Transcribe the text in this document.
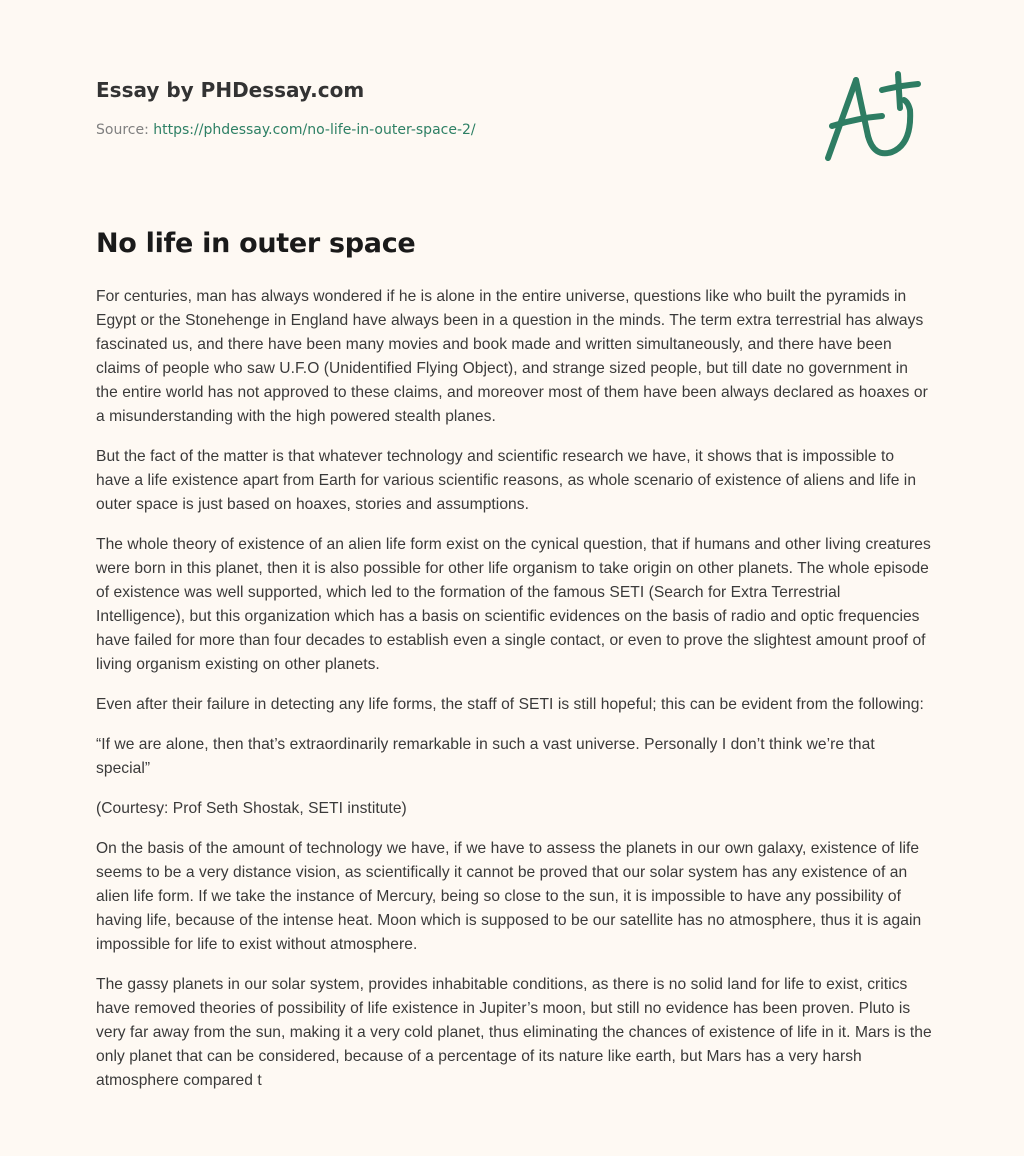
Essay by PHDessay.com
Source: https://phdessay.com/no-life-in-outer-space-2/
No life in outer space

For centuries, man has always wondered if he is alone in the entire universe, questions like who built the pyramids in Egypt or the Stonehenge in England have always been in a question in the minds. The term extra terrestrial has always fascinated us, and there have been many movies and book made and written simultaneously, and there have been claims of people who saw U.F.O (Unidentified Flying Object), and strange sized people, but till date no government in the entire world has not approved to these claims, and moreover most of them have been always declared as hoaxes or a misunderstanding with the high powered stealth planes.

But the fact of the matter is that whatever technology and scientific research we have, it shows that is impossible to have a life existence apart from Earth for various scientific reasons, as whole scenario of existence of aliens and life in outer space is just based on hoaxes, stories and assumptions.

The whole theory of existence of an alien life form exist on the cynical question, that if humans and other living creatures were born in this planet, then it is also possible for other life organism to take origin on other planets. The whole episode of existence was well supported, which led to the formation of the famous SETI (Search for Extra Terrestrial Intelligence), but this organization which has a basis on scientific evidences on the basis of radio and optic frequencies have failed for more than four decades to establish even a single contact, or even to prove the slightest amount proof of living organism existing on other planets.

Even after their failure in detecting any life forms, the staff of SETI is still hopeful; this can be evident from the following:

“If we are alone, then that’s extraordinarily remarkable in such a vast universe. Personally I don’t think we’re that special”

(Courtesy: Prof Seth Shostak, SETI institute)

On the basis of the amount of technology we have, if we have to assess the planets in our own galaxy, existence of life seems to be a very distance vision, as scientifically it cannot be proved that our solar system has any existence of an alien life form. If we take the instance of Mercury, being so close to the sun, it is impossible to have any possibility of having life, because of the intense heat. Moon which is supposed to be our satellite has no atmosphere, thus it is again impossible for life to exist without atmosphere.

The gassy planets in our solar system, provides inhabitable conditions, as there is no solid land for life to exist, critics have removed theories of possibility of life existence in Jupiter’s moon, but still no evidence has been proven. Pluto is very far away from the sun, making it a very cold planet, thus eliminating the chances of existence of life in it. Mars is the only planet that can be considered, because of a percentage of its nature like earth, but Mars has a very harsh atmosphere compared t
